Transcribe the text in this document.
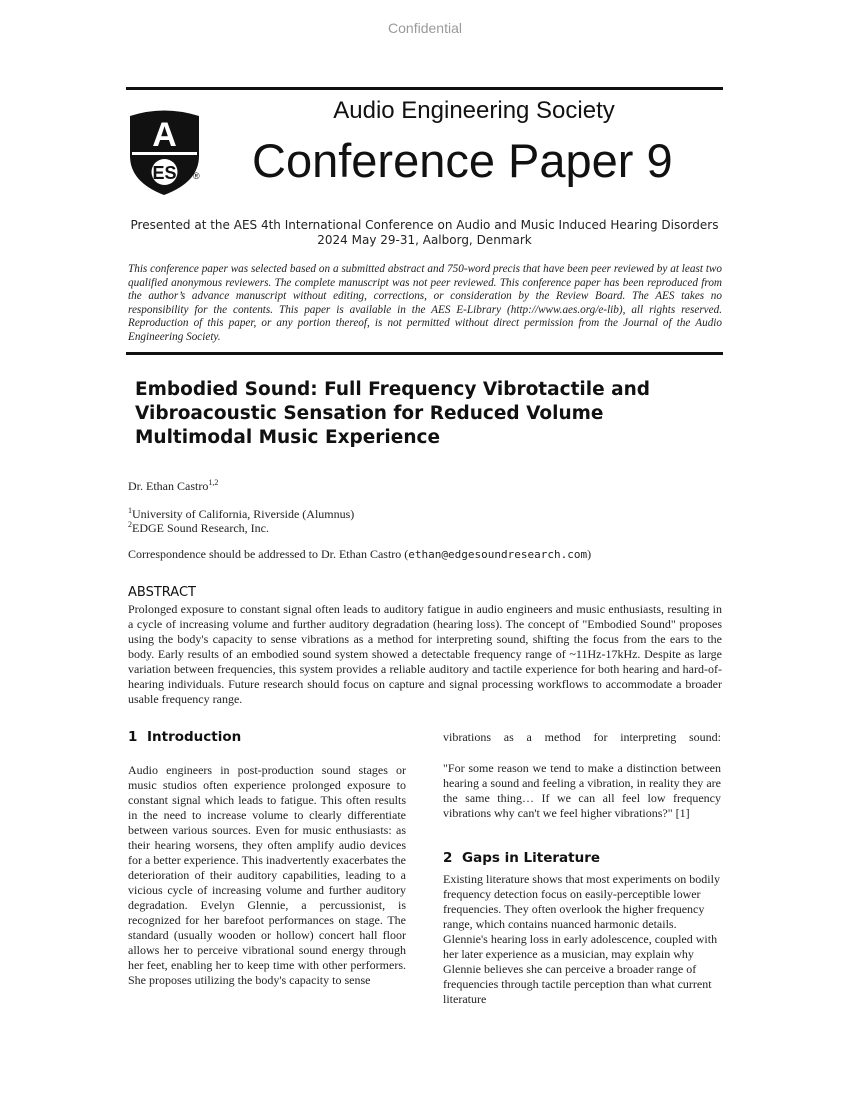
Confidential
A
ES ®
Audio Engineering Society
Conference Paper 9
Presented at the AES 4th International Conference on Audio and Music Induced Hearing Disorders
2024 May 29-31, Aalborg, Denmark
This conference paper was selected based on a submitted abstract and 750-word precis that have been peer reviewed by at least two qualified anonymous reviewers. The complete manuscript was not peer reviewed. This conference paper has been reproduced from the author’s advance manuscript without editing, corrections, or consideration by the Review Board. The AES takes no responsibility for the contents. This paper is available in the AES E-Library (http://www.aes.org/e-lib), all rights reserved. Reproduction of this paper, or any portion thereof, is not permitted without direct permission from the Journal of the Audio Engineering Society.
Embodied Sound: Full Frequency Vibrotactile and Vibroacoustic Sensation for Reduced Volume Multimodal Music Experience
Dr. Ethan Castro$^{1,2}$
$^1$University of California, Riverside (Alumnus)
$^2$EDGE Sound Research, Inc.
Correspondence should be addressed to Dr. Ethan Castro (ethan@edgesoundresearch.com)
ABSTRACT
Prolonged exposure to constant signal often leads to auditory fatigue in audio engineers and music enthusiasts, resulting in a cycle of increasing volume and further auditory degradation (hearing loss). The concept of "Embodied Sound" proposes using the body's capacity to sense vibrations as a method for interpreting sound, shifting the focus from the ears to the body. Early results of an embodied sound system showed a detectable frequency range of ~11Hz-17kHz. Despite as large variation between frequencies, this system provides a reliable auditory and tactile experience for both hearing and hard-of-hearing individuals. Future research should focus on capture and signal processing workflows to accommodate a broader usable frequency range.
1 Introduction
Audio engineers in post-production sound stages or music studios often experience prolonged exposure to constant signal which leads to fatigue. This often results in the need to increase volume to clearly differentiate between various sources. Even for music enthusiasts: as their hearing worsens, they often amplify audio devices for a better experience. This inadvertently exacerbates the deterioration of their auditory capabilities, leading to a vicious cycle of increasing volume and further auditory degradation. Evelyn Glennie, a percussionist, is recognized for her barefoot performances on stage. The standard (usually wooden or hollow) concert hall floor allows her to perceive vibrational sound energy through her feet, enabling her to keep time with other performers. She proposes utilizing the body's capacity to sense
vibrations as a method for interpreting sound:
"For some reason we tend to make a distinction between hearing a sound and feeling a vibration, in reality they are the same thing… If we can all feel low frequency vibrations why can't we feel higher vibrations?" [1]
2 Gaps in Literature
Existing literature shows that most experiments on bodily frequency detection focus on easily-perceptible lower frequencies. They often overlook the higher frequency range, which contains nuanced harmonic details. Glennie's hearing loss in early adolescence, coupled with her later experience as a musician, may explain why Glennie believes she can perceive a broader range of frequencies through tactile perception than what current literature
